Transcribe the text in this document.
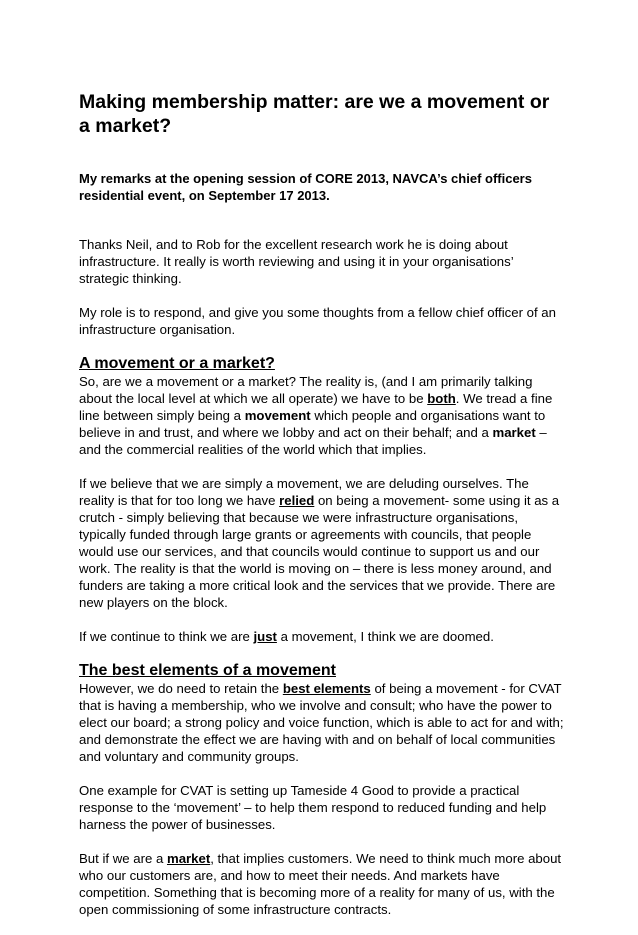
Making membership matter: are we a movement or a market?
My remarks at the opening session of CORE 2013, NAVCA’s chief officers residential event, on September 17 2013.

Thanks Neil, and to Rob for the excellent research work he is doing about infrastructure. It really is worth reviewing and using it in your organisations’ strategic thinking.

My role is to respond, and give you some thoughts from a fellow chief officer of an infrastructure organisation.

A movement or a market?

So, are we a movement or a market? The reality is, (and I am primarily talking about the local level at which we all operate) we have to be both. We tread a fine line between simply being a movement which people and organisations want to believe in and trust, and where we lobby and act on their behalf; and a market – and the commercial realities of the world which that implies.

If we believe that we are simply a movement, we are deluding ourselves. The reality is that for too long we have relied on being a movement- some using it as a crutch - simply believing that because we were infrastructure organisations, typically funded through large grants or agreements with councils, that people would use our services, and that councils would continue to support us and our work. The reality is that the world is moving on – there is less money around, and funders are taking a more critical look and the services that we provide. There are new players on the block.

If we continue to think we are just a movement, I think we are doomed.

The best elements of a movement

However, we do need to retain the best elements of being a movement - for CVAT that is having a membership, who we involve and consult; who have the power to elect our board; a strong policy and voice function, which is able to act for and with; and demonstrate the effect we are having with and on behalf of local communities and voluntary and community groups.

One example for CVAT is setting up Tameside 4 Good to provide a practical response to the ‘movement’ – to help them respond to reduced funding and help harness the power of businesses.

But if we are a market, that implies customers. We need to think much more about who our customers are, and how to meet their needs. And markets have competition. Something that is becoming more of a reality for many of us, with the open commissioning of some infrastructure contracts.
